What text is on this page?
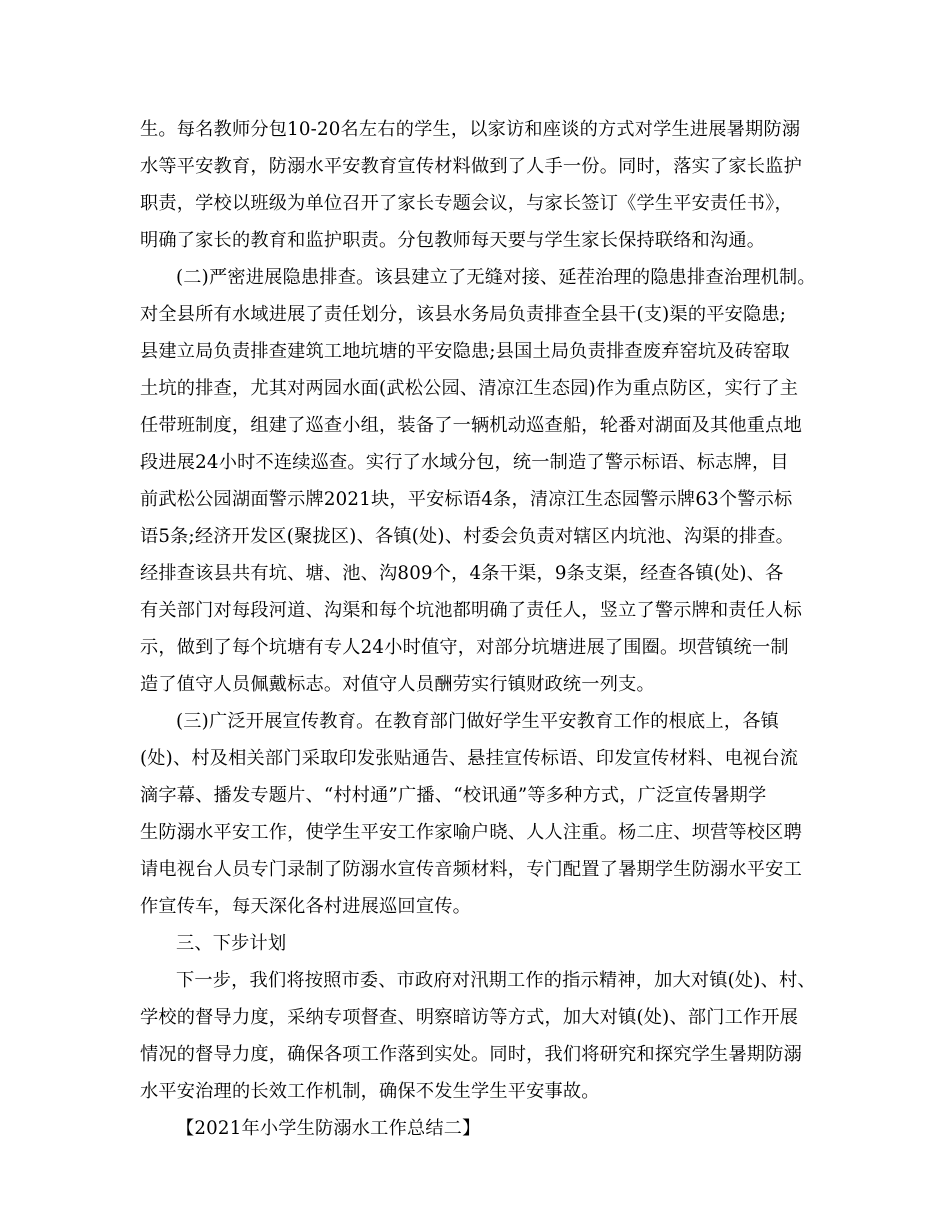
生。每名教师分包10-20名左右的学生，以家访和座谈的方式对学生进展暑期防溺
水等平安教育，防溺水平安教育宣传材料做到了人手一份。同时，落实了家长监护
职责，学校以班级为单位召开了家长专题会议，与家长签订《学生平安责任书》，
明确了家长的教育和监护职责。分包教师每天要与学生家长保持联络和沟通。
(二)严密进展隐患排查。该县建立了无缝对接、延茬治理的隐患排查治理机制。
对全县所有水域进展了责任划分，该县水务局负责排查全县干(支)渠的平安隐患;
县建立局负责排查建筑工地坑塘的平安隐患;县国土局负责排查废弃窑坑及砖窑取
土坑的排查，尤其对两园水面(武松公园、清凉江生态园)作为重点防区，实行了主
任带班制度，组建了巡查小组，装备了一辆机动巡查船，轮番对湖面及其他重点地
段进展24小时不连续巡查。实行了水域分包，统一制造了警示标语、标志牌，目
前武松公园湖面警示牌2021块，平安标语4条，清凉江生态园警示牌63个警示标
语5条;经济开发区(聚拢区)、各镇(处)、村委会负责对辖区内坑池、沟渠的排查。
经排查该县共有坑、塘、池、沟809个，4条干渠，9条支渠，经查各镇(处)、各
有关部门对每段河道、沟渠和每个坑池都明确了责任人，竖立了警示牌和责任人标
示，做到了每个坑塘有专人24小时值守，对部分坑塘进展了围圈。坝营镇统一制
造了值守人员佩戴标志。对值守人员酬劳实行镇财政统一列支。
(三)广泛开展宣传教育。在教育部门做好学生平安教育工作的根底上，各镇
(处)、村及相关部门采取印发张贴通告、悬挂宣传标语、印发宣传材料、电视台流
滴字幕、播发专题片、“村村通”广播、“校讯通”等多种方式，广泛宣传暑期学
生防溺水平安工作，使学生平安工作家喻户晓、人人注重。杨二庄、坝营等校区聘
请电视台人员专门录制了防溺水宣传音频材料，专门配置了暑期学生防溺水平安工
作宣传车，每天深化各村进展巡回宣传。
三、下步计划
下一步，我们将按照市委、市政府对汛期工作的指示精神，加大对镇(处)、村、
学校的督导力度，采纳专项督查、明察暗访等方式，加大对镇(处)、部门工作开展
情况的督导力度，确保各项工作落到实处。同时，我们将研究和探究学生暑期防溺
水平安治理的长效工作机制，确保不发生学生平安事故。
【2021年小学生防溺水工作总结二】
